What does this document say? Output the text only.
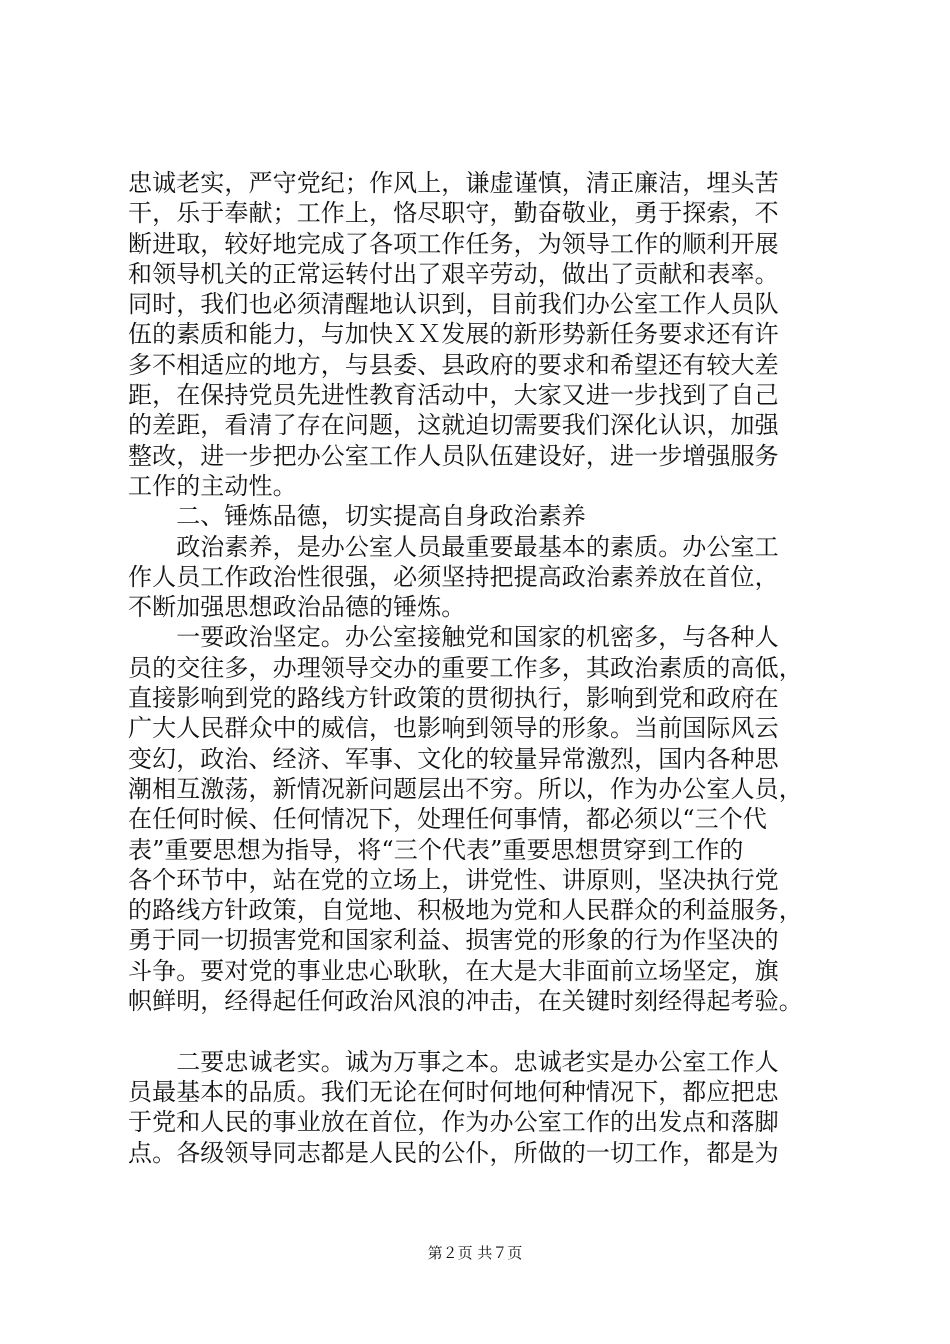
忠诚老实，严守党纪；作风上，谦虚谨慎，清正廉洁，埋头苦
干，乐于奉献；工作上，恪尽职守，勤奋敬业，勇于探索，不
断进取，较好地完成了各项工作任务，为领导工作的顺利开展
和领导机关的正常运转付出了艰辛劳动，做出了贡献和表率。
同时，我们也必须清醒地认识到，目前我们办公室工作人员队
伍的素质和能力，与加快ＸＸ发展的新形势新任务要求还有许
多不相适应的地方，与县委、县政府的要求和希望还有较大差
距，在保持党员先进性教育活动中，大家又进一步找到了自己
的差距，看清了存在问题，这就迫切需要我们深化认识，加强
整改，进一步把办公室工作人员队伍建设好，进一步增强服务
工作的主动性。
　　二、锤炼品德，切实提高自身政治素养
　　政治素养，是办公室人员最重要最基本的素质。办公室工
作人员工作政治性很强，必须坚持把提高政治素养放在首位，
不断加强思想政治品德的锤炼。
　　一要政治坚定。办公室接触党和国家的机密多，与各种人
员的交往多，办理领导交办的重要工作多，其政治素质的高低，
直接影响到党的路线方针政策的贯彻执行，影响到党和政府在
广大人民群众中的威信，也影响到领导的形象。当前国际风云
变幻，政治、经济、军事、文化的较量异常激烈，国内各种思
潮相互激荡，新情况新问题层出不穷。所以，作为办公室人员，
在任何时候、任何情况下，处理任何事情，都必须以“三个代
表”重要思想为指导，将“三个代表”重要思想贯穿到工作的
各个环节中，站在党的立场上，讲党性、讲原则，坚决执行党
的路线方针政策，自觉地、积极地为党和人民群众的利益服务，
勇于同一切损害党和国家利益、损害党的形象的行为作坚决的
斗争。要对党的事业忠心耿耿，在大是大非面前立场坚定，旗
帜鲜明，经得起任何政治风浪的冲击，在关键时刻经得起考验。
　　二要忠诚老实。诚为万事之本。忠诚老实是办公室工作人
员最基本的品质。我们无论在何时何地何种情况下，都应把忠
于党和人民的事业放在首位，作为办公室工作的出发点和落脚
点。各级领导同志都是人民的公仆，所做的一切工作，都是为
第２页 共７页
